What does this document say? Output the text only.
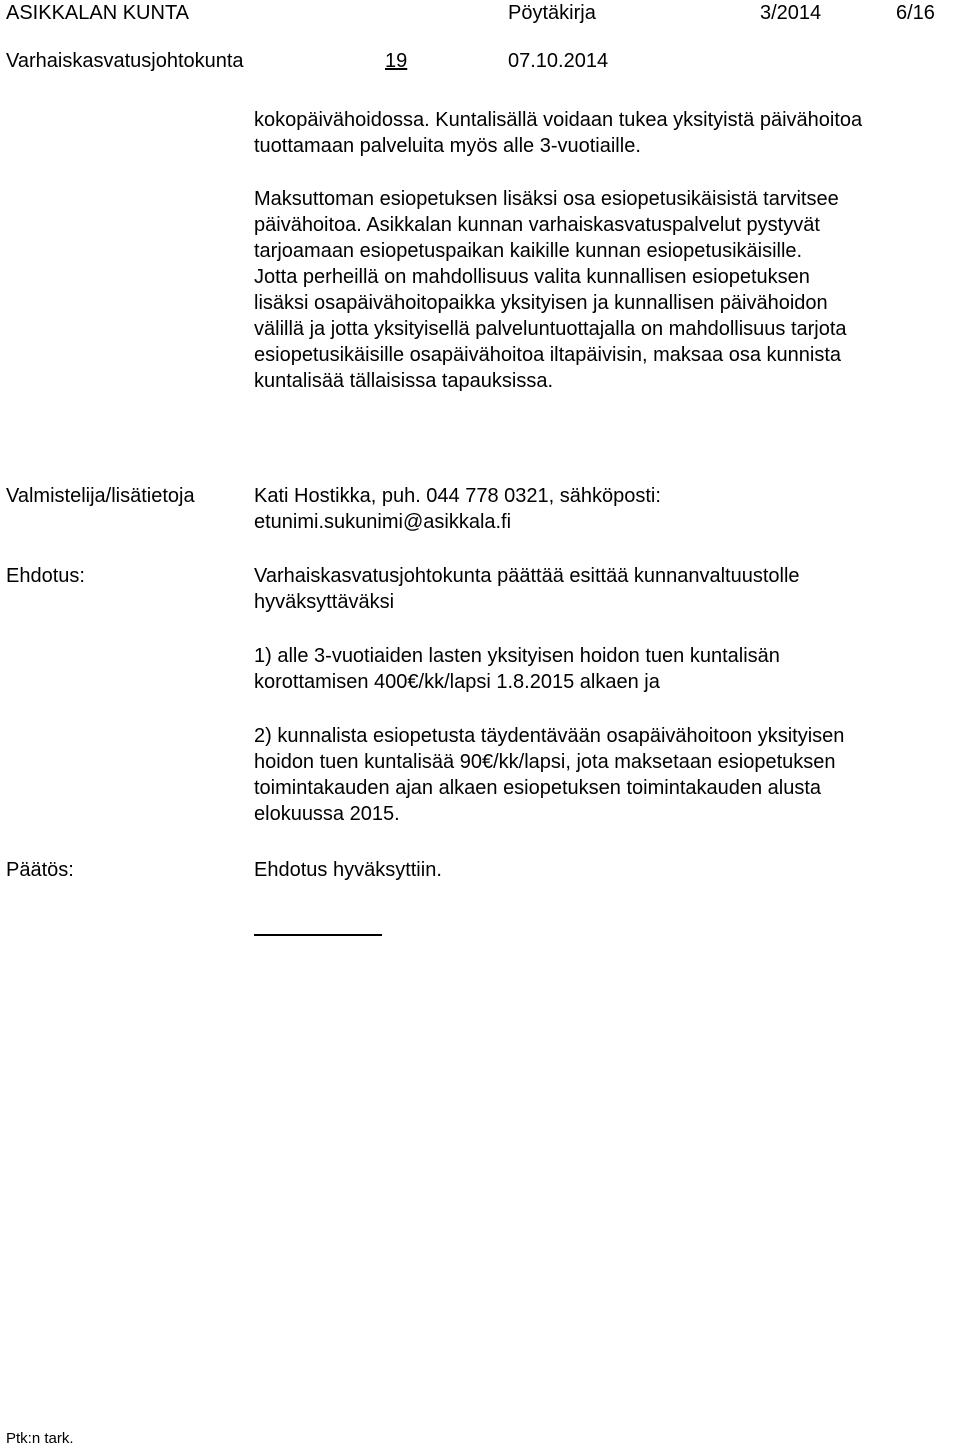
ASIKKALAN KUNTA	Pöytäkirja	3/2014	6/16
Varhaiskasvatusjohtokunta	19	07.10.2014

kokopäivähoidossa. Kuntalisällä voidaan tukea yksityistä päivähoitoa

tuottamaan palveluita myös alle 3-vuotiaille.

Maksuttoman esiopetuksen lisäksi osa esiopetusikäisistä tarvitsee

päivähoitoa. Asikkalan kunnan varhaiskasvatuspalvelut pystyvät

tarjoamaan esiopetuspaikan kaikille kunnan esiopetusikäisille.

Jotta perheillä on mahdollisuus valita kunnallisen esiopetuksen

lisäksi osapäivähoitopaikka yksityisen ja kunnallisen päivähoidon

välillä ja jotta yksityisellä palveluntuottajalla on mahdollisuus tarjota

esiopetusikäisille osapäivähoitoa iltapäivisin, maksaa osa kunnista

kuntalisää tällaisissa tapauksissa.

Valmistelija/lisätietoja	Kati Hostikka, puh. 044 778 0321, sähköposti:

etunimi.sukunimi@asikkala.fi

Ehdotus:	Varhaiskasvatusjohtokunta päättää esittää kunnanvaltuustolle

hyväksyttäväksi

1) alle 3-vuotiaiden lasten yksityisen hoidon tuen kuntalisän

korottamisen 400€/kk/lapsi 1.8.2015 alkaen ja

2) kunnalista esiopetusta täydentävään osapäivähoitoon yksityisen

hoidon tuen kuntalisää 90€/kk/lapsi, jota maksetaan esiopetuksen

toimintakauden ajan alkaen esiopetuksen toimintakauden alusta

elokuussa 2015.

Päätös:	Ehdotus hyväksyttiin.

Ptk:n tark.
